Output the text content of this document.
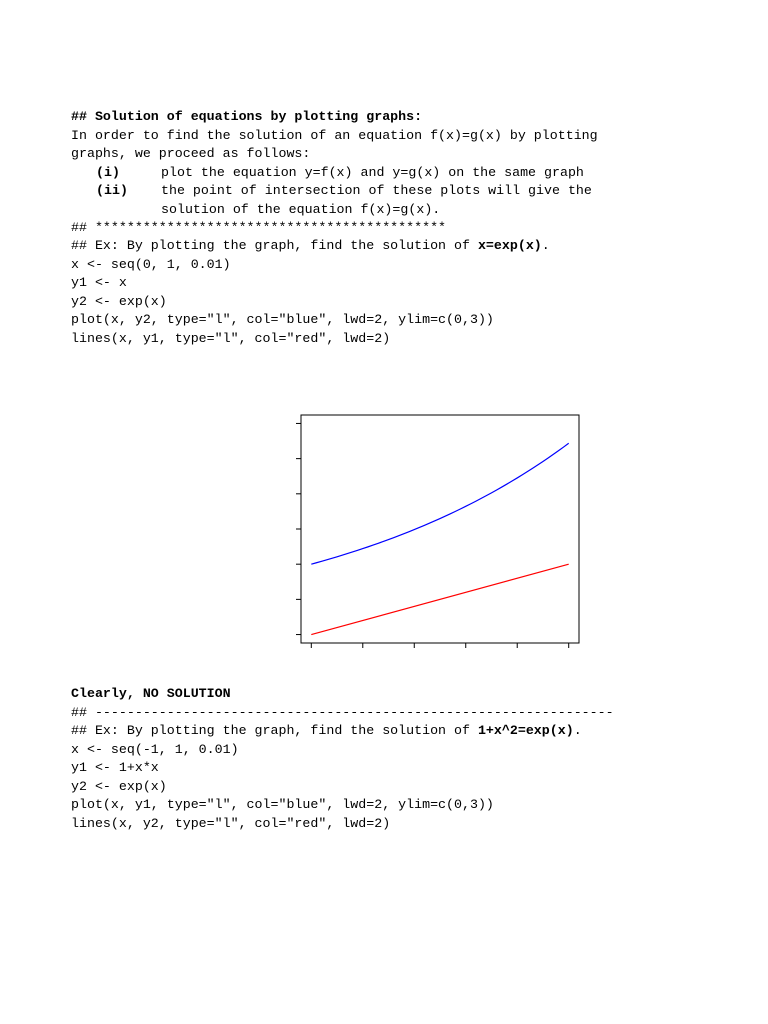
## Solution of equations by plotting graphs:
In order to find the solution of an equation f(x)=g(x) by plotting
graphs, we proceed as follows:
(i)	plot the equation y=f(x) and y=g(x) on the same graph
(ii) the point of intersection of these plots will give the
solution of the equation f(x)=g(x).
## ********************************************
## Ex: By plotting the graph, find the solution of x=exp(x).
x <- seq(0, 1, 0.01)
y1 <- x
y2 <- exp(x)
plot(x, y2, type="l", col="blue", lwd=2, ylim=c(0,3))
lines(x, y1, type="l", col="red", lwd=2)
Clearly, NO SOLUTION
## -----------------------------------------------------------------
## Ex: By plotting the graph, find the solution of 1+x^2=exp(x).
x <- seq(-1, 1, 0.01)
y1 <- 1+x*x
y2 <- exp(x)
plot(x, y1, type="l", col="blue", lwd=2, ylim=c(0,3))
lines(x, y2, type="l", col="red", lwd=2)
